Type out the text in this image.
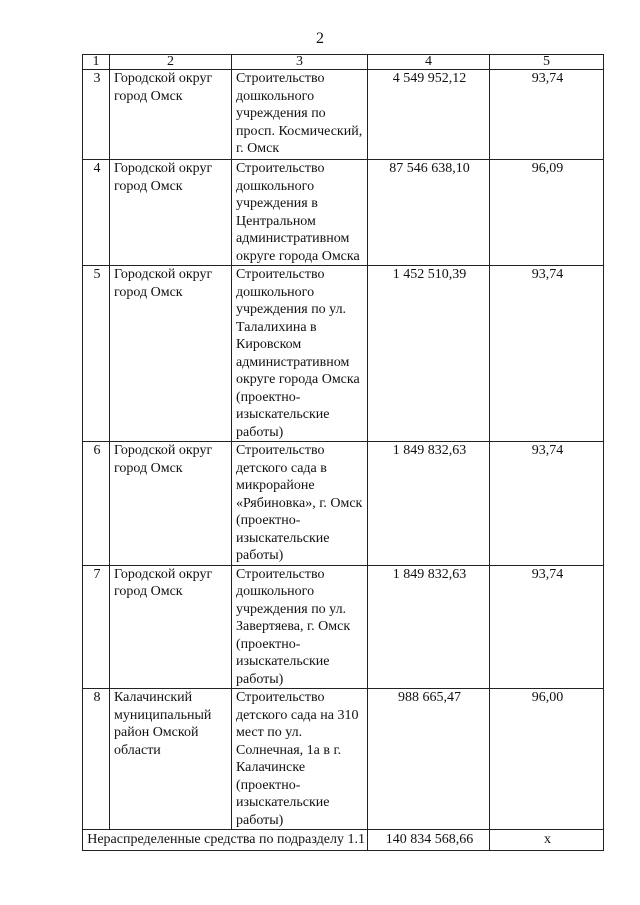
2
1	2	3	4	5
3	Городской округ город Омск	Строительство дошкольного учреждения по просп. Космический, г. Омск	4 549 952,12	93,74
4	Городской округ город Омск	Строительство дошкольного учреждения в Центральном административном округе города Омска	87 546 638,10	96,09
5	Городской округ город Омск	Строительство дошкольного учреждения по ул. Талалихина в Кировском административном округе города Омска (проектно-изыскательские работы)	1 452 510,39	93,74
6	Городской округ город Омск	Строительство детского сада в микрорайоне «Рябиновка», г. Омск (проектно-изыскательские работы)	1 849 832,63	93,74
7	Городской округ город Омск	Строительство дошкольного учреждения по ул. Завертяева, г. Омск (проектно-изыскательские работы)	1 849 832,63	93,74
8	Калачинский муниципальный район Омской области	Строительство детского сада на 310 мест по ул. Солнечная, 1а в г. Калачинске (проектно-изыскательские работы)	988 665,47	96,00
Нераспределенные средства по подразделу 1.1			140 834 568,66	х
